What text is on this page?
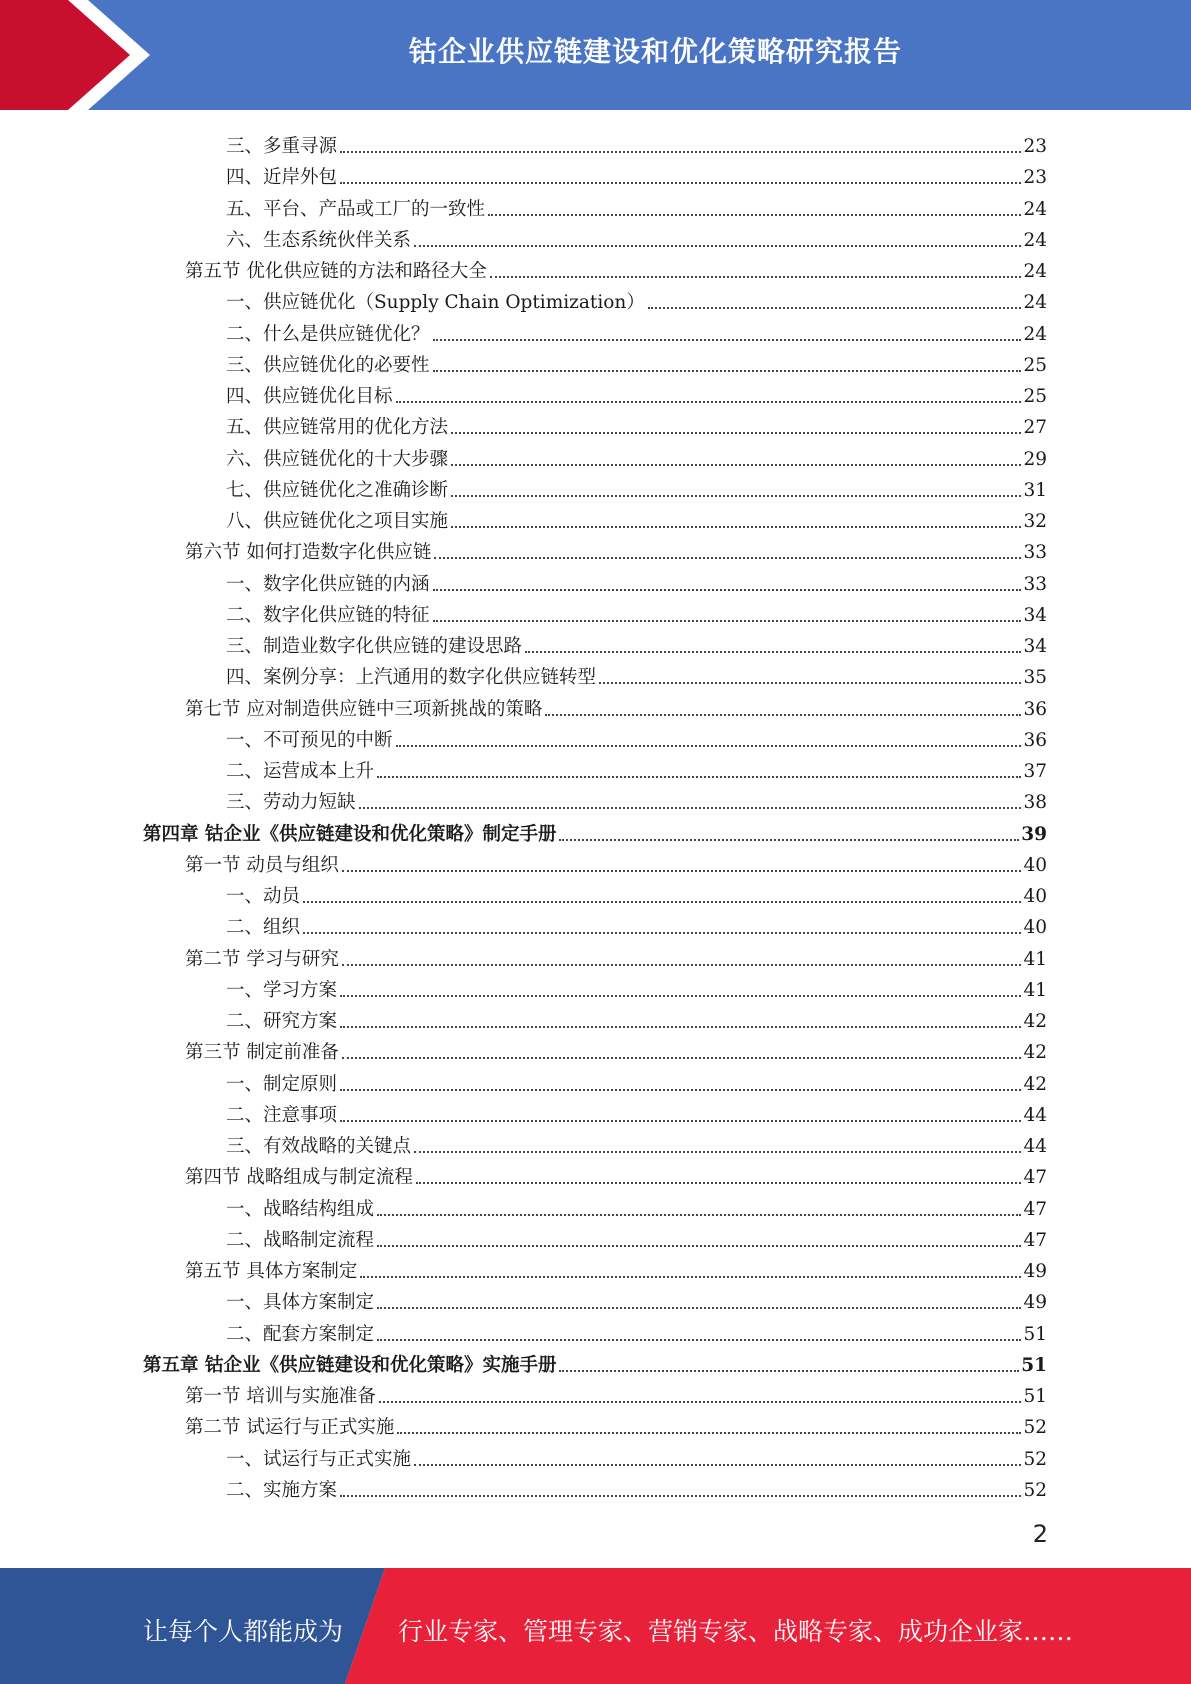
钴企业供应链建设和优化策略研究报告
三、多重寻源	23
四、近岸外包	23
五、平台、产品或工厂的一致性	24
六、生态系统伙伴关系	24
第五节 优化供应链的方法和路径大全	24
一、供应链优化（Supply Chain Optimization）	24
二、什么是供应链优化？	24
三、供应链优化的必要性	25
四、供应链优化目标	25
五、供应链常用的优化方法	27
六、供应链优化的十大步骤	29
七、供应链优化之准确诊断	31
八、供应链优化之项目实施	32
第六节 如何打造数字化供应链	33
一、数字化供应链的内涵	33
二、数字化供应链的特征	34
三、制造业数字化供应链的建设思路	34
四、案例分享：上汽通用的数字化供应链转型	35
第七节 应对制造供应链中三项新挑战的策略	36
一、不可预见的中断	36
二、运营成本上升	37
三、劳动力短缺	38
第四章 钴企业《供应链建设和优化策略》制定手册	39
第一节 动员与组织	40
一、动员	40
二、组织	40
第二节 学习与研究	41
一、学习方案	41
二、研究方案	42
第三节 制定前准备	42
一、制定原则	42
二、注意事项	44
三、有效战略的关键点	44
第四节 战略组成与制定流程	47
一、战略结构组成	47
二、战略制定流程	47
第五节 具体方案制定	49
一、具体方案制定	49
二、配套方案制定	51
第五章 钴企业《供应链建设和优化策略》实施手册	51
第一节 培训与实施准备	51
第二节 试运行与正式实施	52
一、试运行与正式实施	52
二、实施方案	52
2
让每个人都能成为 行业专家、管理专家、营销专家、战略专家、成功企业家……
